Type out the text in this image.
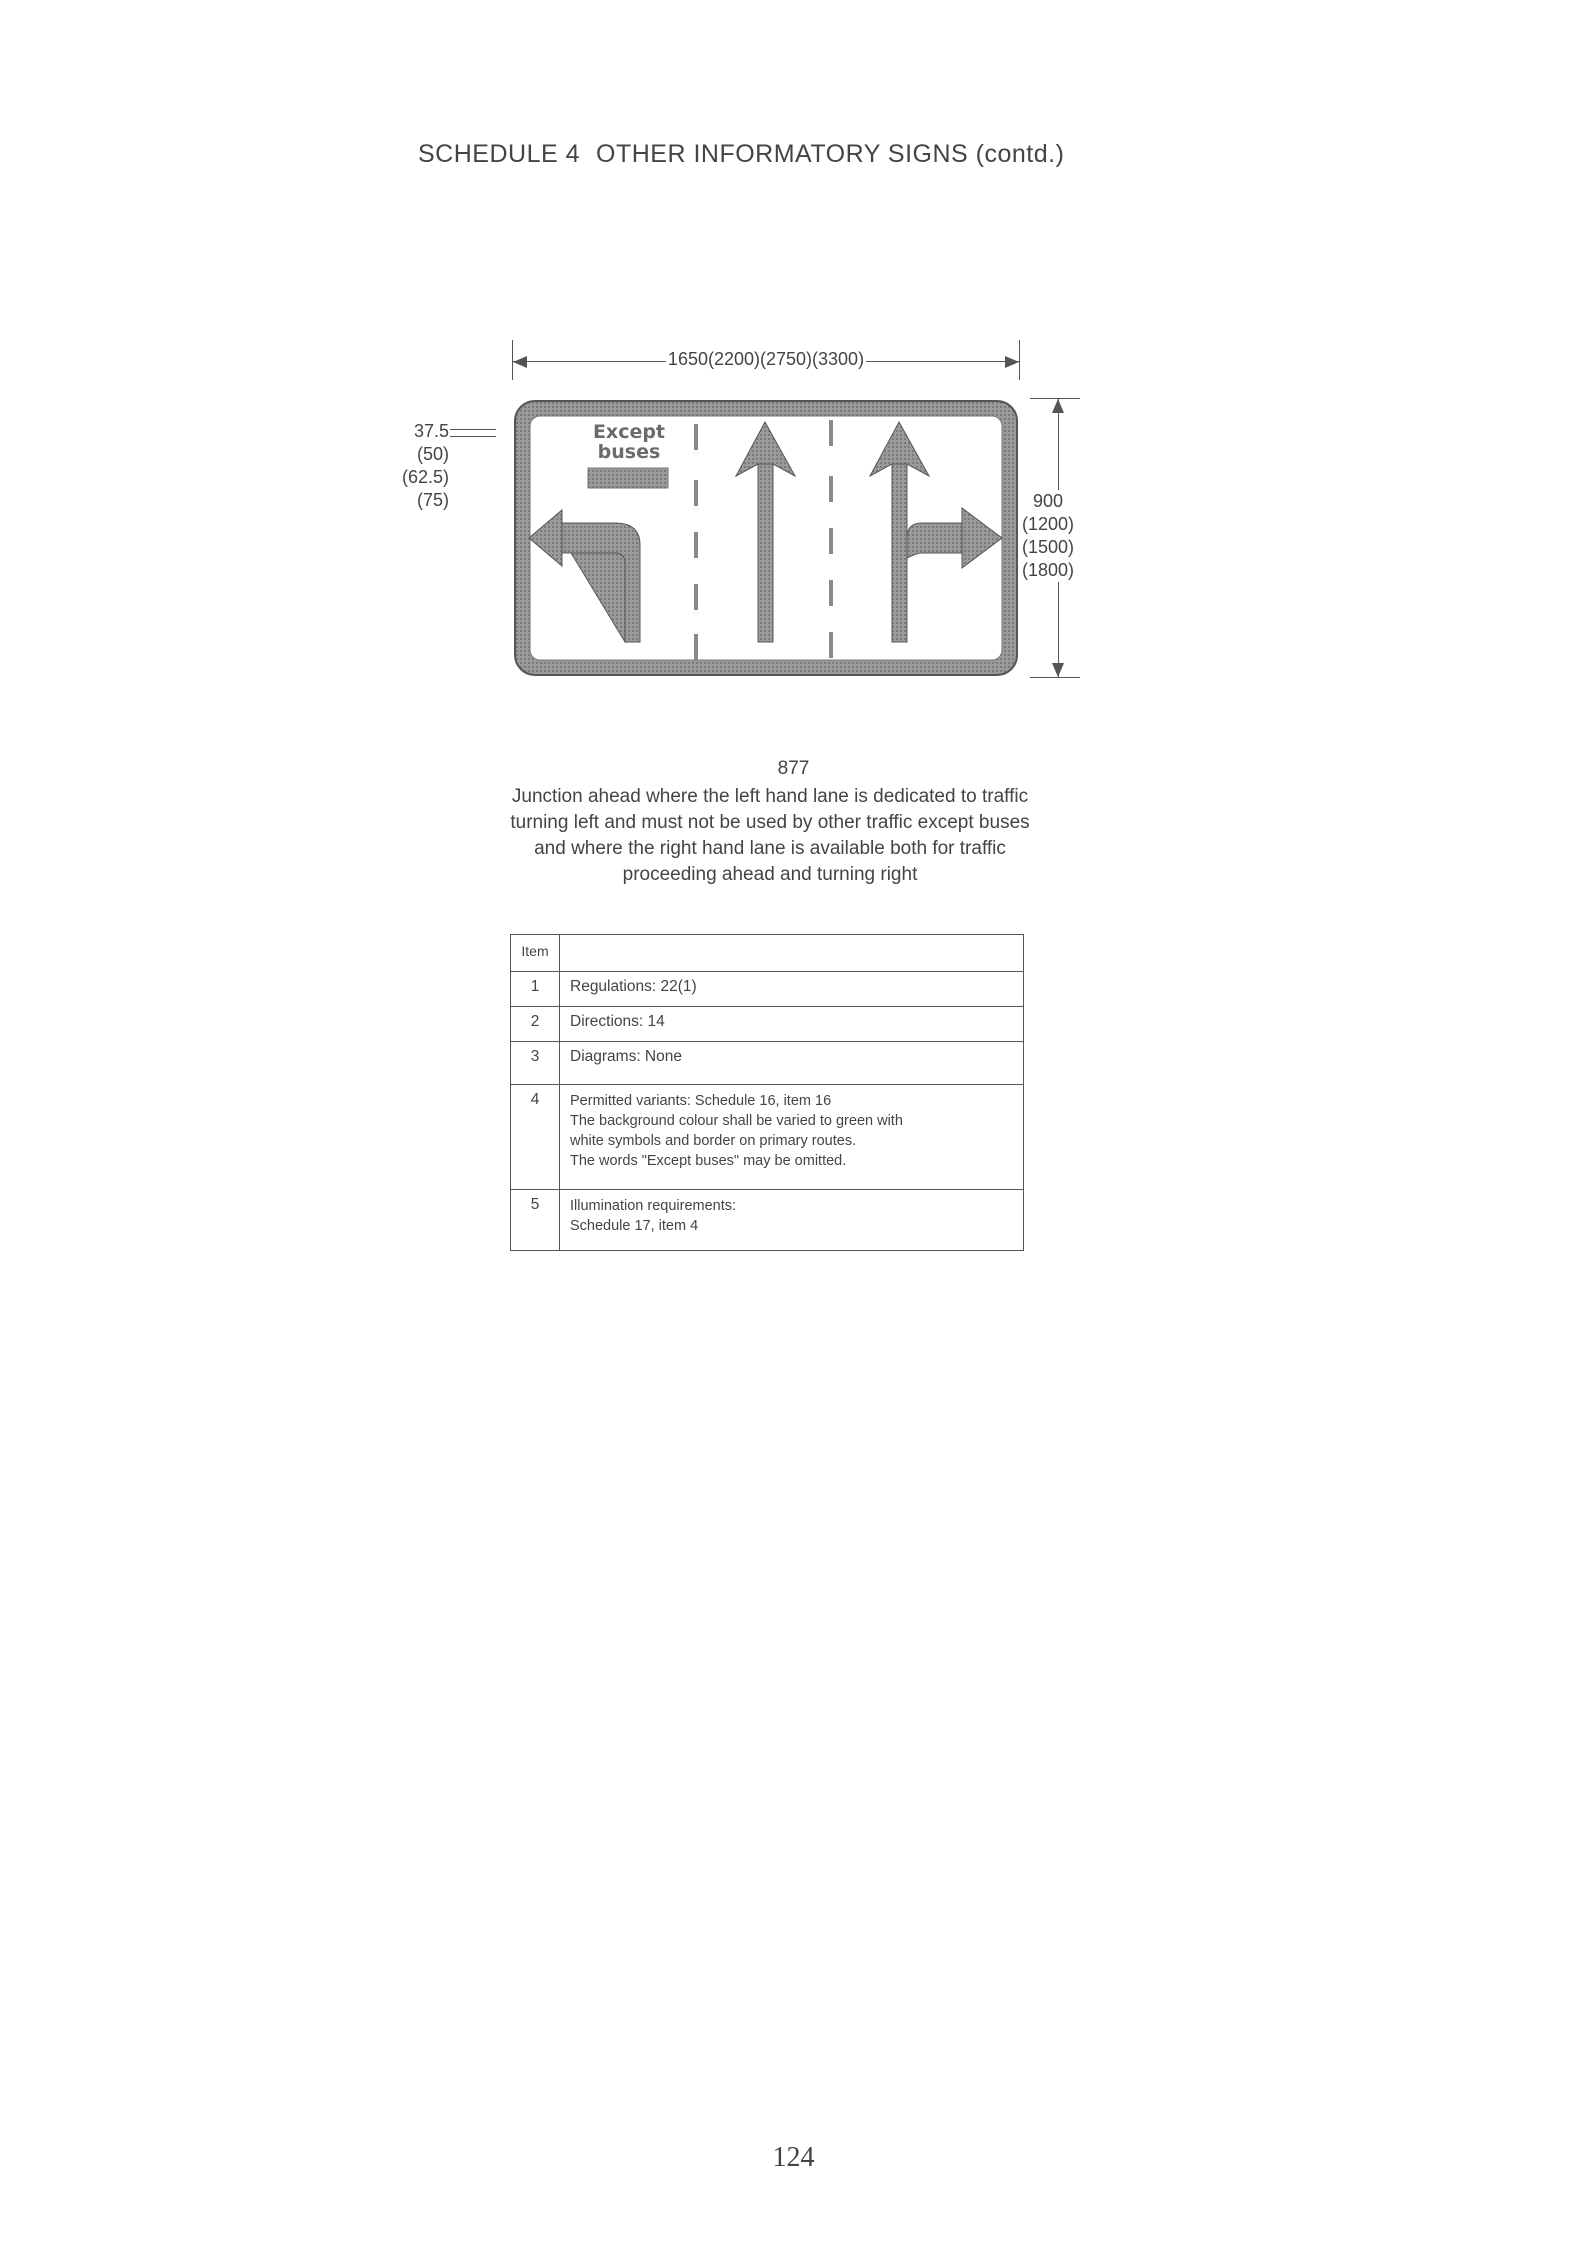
SCHEDULE 4 OTHER INFORMATORY SIGNS (contd.)
1650(2200)(2750)(3300)
37.5
(50)
(62.5)
(75)	900
(1200)
(1500)
(1800)
Except
buses
877
Junction ahead where the left hand lane is dedicated to traffic turning left and must not be used by other traffic except buses and where the right hand lane is available both for traffic proceeding ahead and turning right
Item	
1	Regulations: 22(1)
2	Directions: 14
3	Diagrams: None
4	Permitted variants: Schedule 16, item 16
The background colour shall be varied to green with
white symbols and border on primary routes.
The words "Except buses" may be omitted.

5	Illumination requirements:
Schedule 17, item 4
124
